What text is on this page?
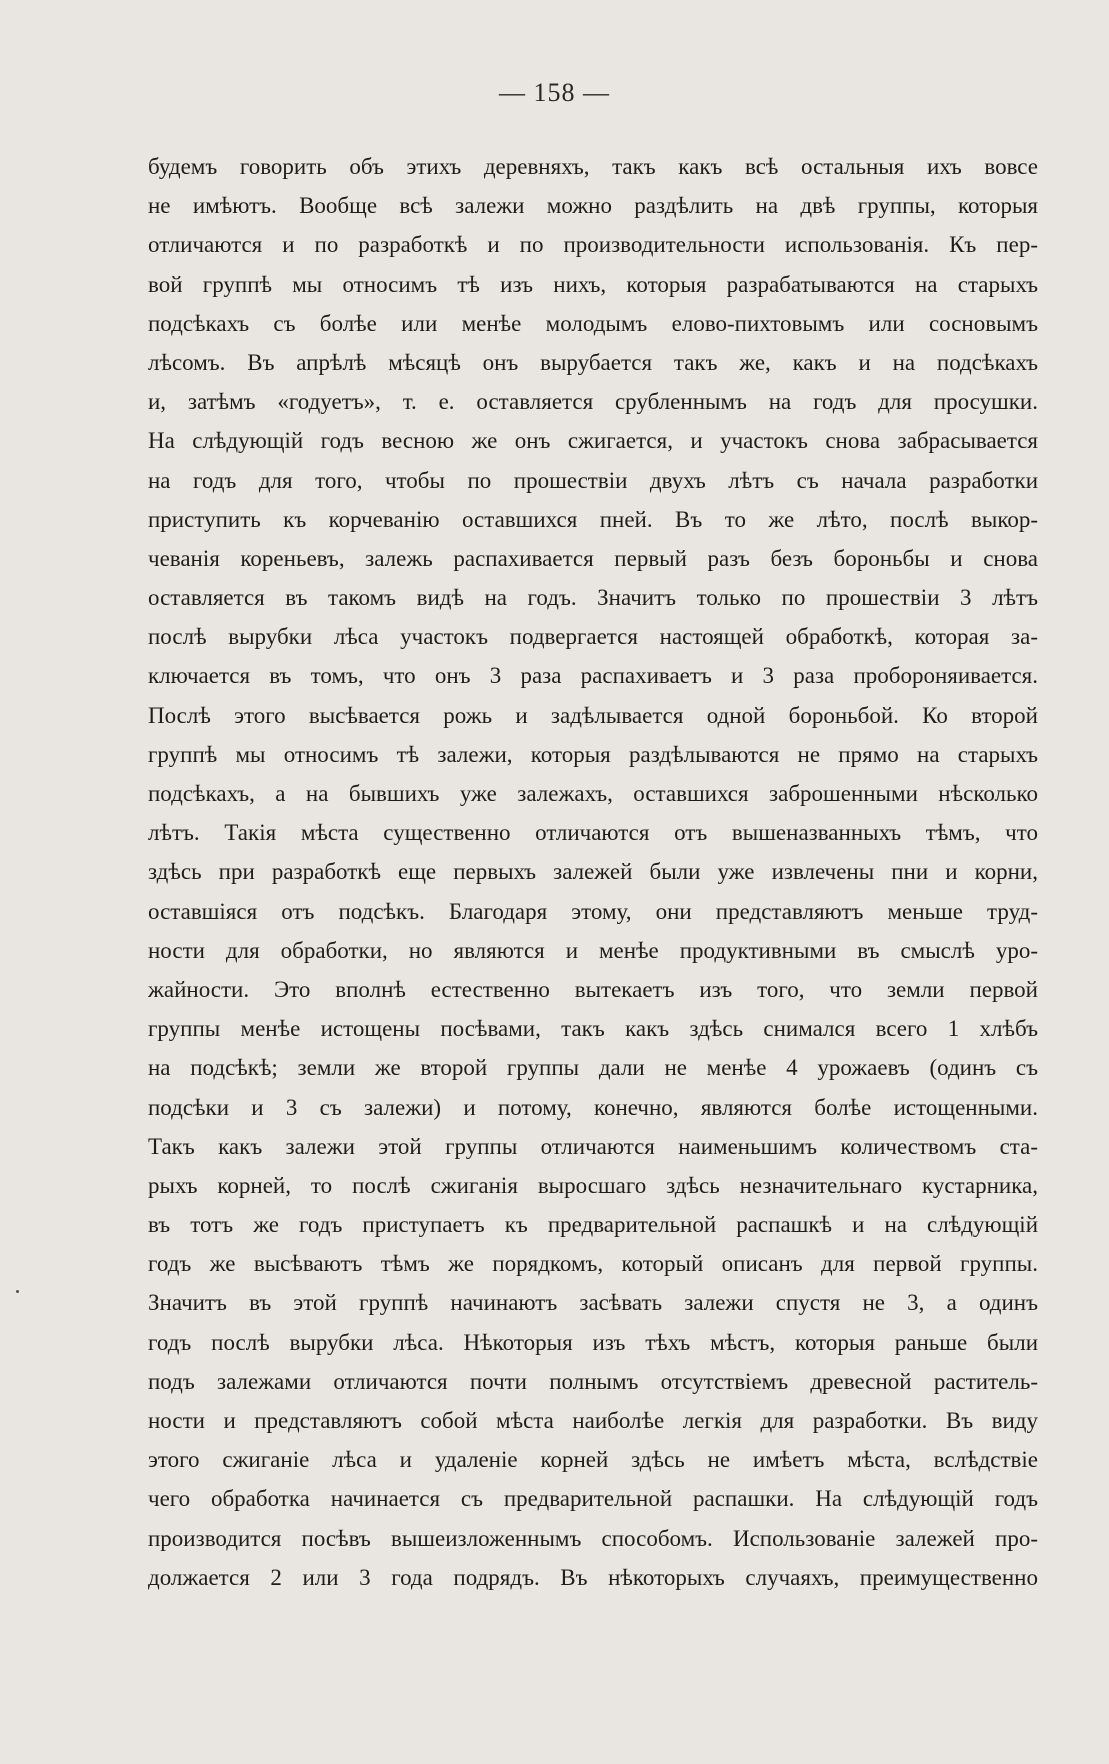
— 158 —
будемъ говорить объ этихъ деревняхъ, такъ какъ всѣ остальныя ихъ вовсе
не имѣютъ. Вообще всѣ залежи можно раздѣлить на двѣ группы, которыя
отличаются и по разработкѣ и по производительности использованія. Къ пер-
вой группѣ мы относимъ тѣ изъ нихъ, которыя разрабатываются на старыхъ
подсѣкахъ съ болѣе или менѣе молодымъ елово-пихтовымъ или сосновымъ
лѣсомъ. Въ апрѣлѣ мѣсяцѣ онъ вырубается такъ же, какъ и на подсѣкахъ
и, затѣмъ «годуетъ», т. е. оставляется срубленнымъ на годъ для просушки.
На слѣдующій годъ весною же онъ сжигается, и участокъ снова забрасывается
на годъ для того, чтобы по прошествіи двухъ лѣтъ съ начала разработки
приступить къ корчеванію оставшихся пней. Въ то же лѣто, послѣ выкор-
чеванія кореньевъ, залежь распахивается первый разъ безъ бороньбы и снова
оставляется въ такомъ видѣ на годъ. Значитъ только по прошествіи 3 лѣтъ
послѣ вырубки лѣса участокъ подвергается настоящей обработкѣ, которая за-
ключается въ томъ, что онъ 3 раза распахиваетъ и 3 раза пробороняивается.
Послѣ этого высѣвается рожь и задѣлывается одной бороньбой. Ко второй
группѣ мы относимъ тѣ залежи, которыя раздѣлываются не прямо на старыхъ
подсѣкахъ, а на бывшихъ уже залежахъ, оставшихся заброшенными нѣсколько
лѣтъ. Такія мѣста существенно отличаются отъ вышеназванныхъ тѣмъ, что
здѣсь при разработкѣ еще первыхъ залежей были уже извлечены пни и корни,
оставшіяся отъ подсѣкъ. Благодаря этому, они представляютъ меньше труд-
ности для обработки, но являются и менѣе продуктивными въ смыслѣ уро-
жайности. Это вполнѣ естественно вытекаетъ изъ того, что земли первой
группы менѣе истощены посѣвами, такъ какъ здѣсь снимался всего 1 хлѣбъ
на подсѣкѣ; земли же второй группы дали не менѣе 4 урожаевъ (одинъ съ
подсѣки и 3 съ залежи) и потому, конечно, являются болѣе истощенными.
Такъ какъ залежи этой группы отличаются наименьшимъ количествомъ ста-
рыхъ корней, то послѣ сжиганія выросшаго здѣсь незначительнаго кустарника,
въ тотъ же годъ приступаетъ къ предварительной распашкѣ и на слѣдующій
годъ же высѣваютъ тѣмъ же порядкомъ, который описанъ для первой группы.
Значитъ въ этой группѣ начинаютъ засѣвать залежи спустя не 3, а одинъ
годъ послѣ вырубки лѣса. Нѣкоторыя изъ тѣхъ мѣстъ, которыя раньше были
подъ залежами отличаются почти полнымъ отсутствіемъ древесной раститель-
ности и представляютъ собой мѣста наиболѣе легкія для разработки. Въ виду
этого сжиганіе лѣса и удаленіе корней здѣсь не имѣетъ мѣста, вслѣдствіе
чего обработка начинается съ предварительной распашки. На слѣдующій годъ
производится посѣвъ вышеизложеннымъ способомъ. Использованіе залежей про-
должается 2 или 3 года подрядъ. Въ нѣкоторыхъ случаяхъ, преимущественно
